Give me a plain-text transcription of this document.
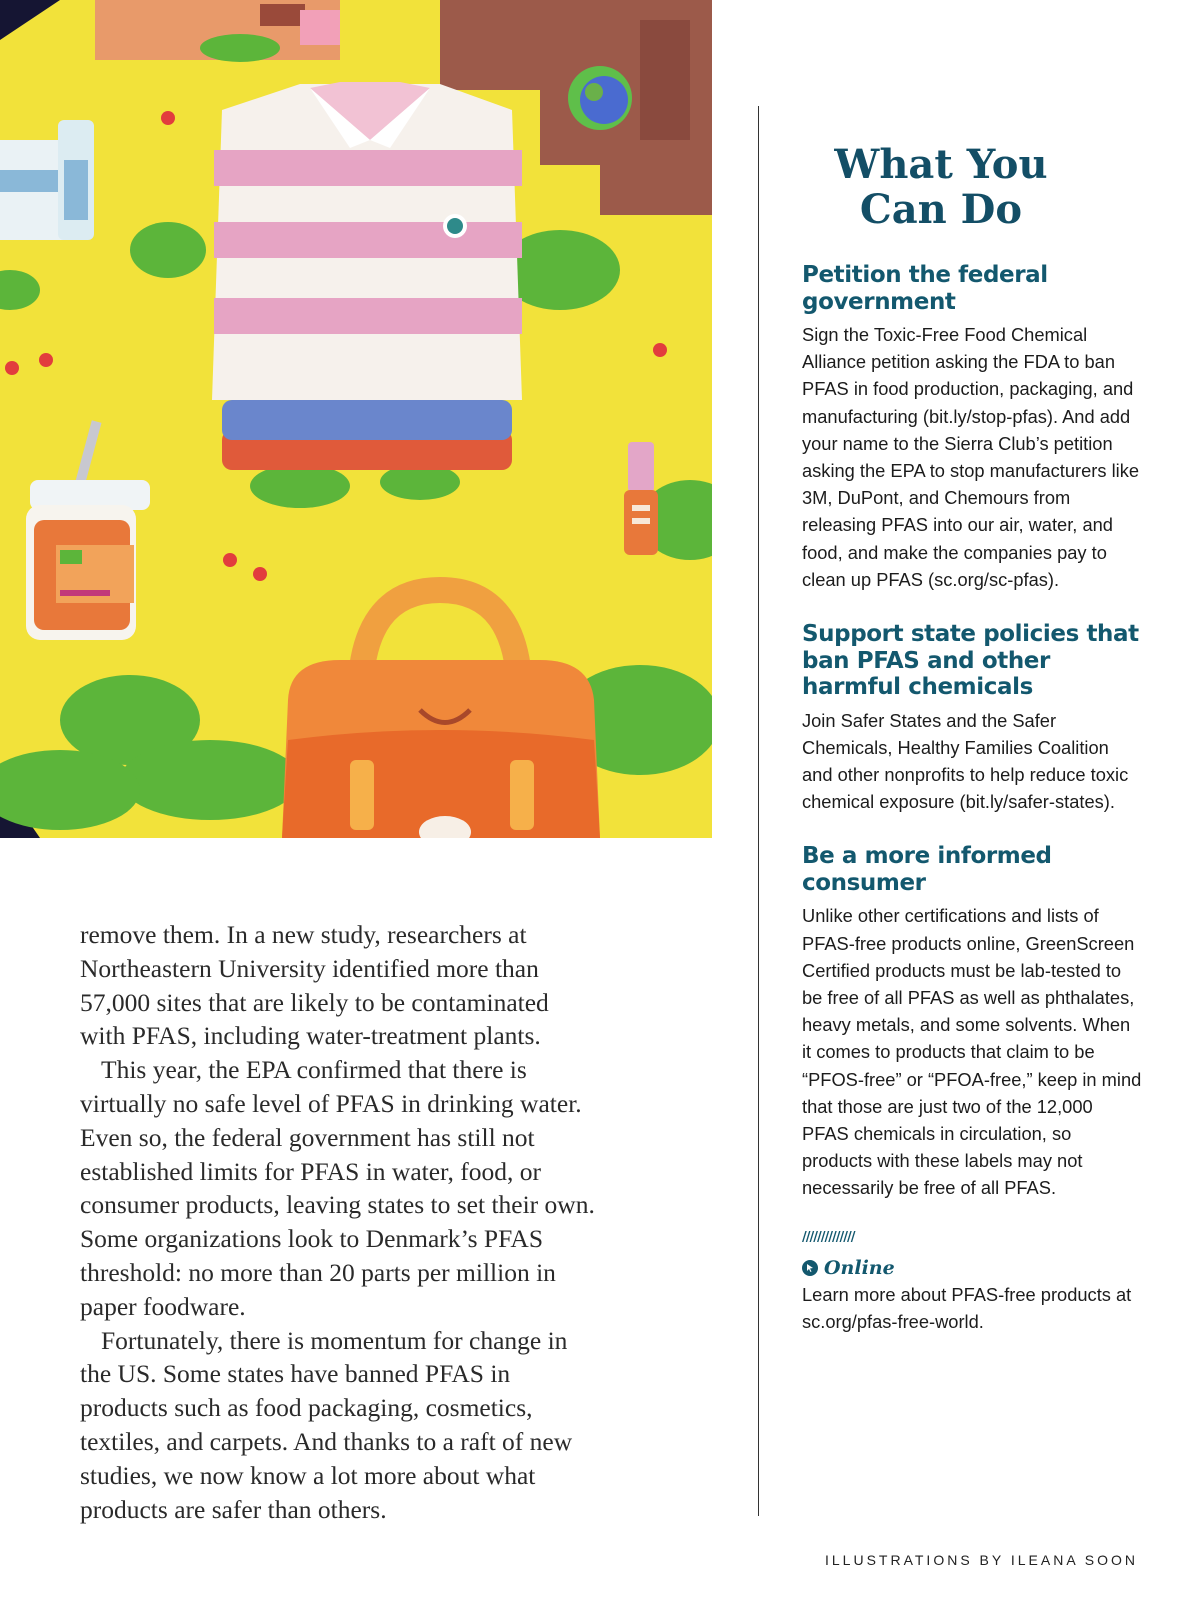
remove them. In a new study, researchers at Northeastern University identified more than 57,000 sites that are likely to be contaminated with PFAS, including water-treatment plants.

This year, the EPA confirmed that there is virtually no safe level of PFAS in drinking water. Even so, the federal government has still not established limits for PFAS in water, food, or consumer products, leaving states to set their own. Some organizations look to Denmark’s PFAS threshold: no more than 20 parts per million in paper foodware.

Fortunately, there is momentum for change in the US. Some states have banned PFAS in products such as food packaging, cosmetics, textiles, and carpets. And thanks to a raft of new studies, we now know a lot more about what products are safer than others.

What You Can Do
Petition the federal government

Sign the Toxic-Free Food Chemical Alliance petition asking the FDA to ban PFAS in food production, packaging, and manufacturing (bit.ly/stop-pfas). And add your name to the Sierra Club’s petition asking the EPA to stop manufacturers like 3M, DuPont, and Chemours from releasing PFAS into our air, water, and food, and make the companies pay to clean up PFAS (sc.org/sc-pfas).

Support state policies that ban PFAS and other harmful chemicals

Join Safer States and the Safer Chemicals, Healthy Families Coalition and other nonprofits to help reduce toxic chemical exposure (bit.ly/safer-states).

Be a more informed consumer

Unlike other certifications and lists of PFAS-free products online, GreenScreen Certified products must be lab-tested to be free of all PFAS as well as phthalates, heavy metals, and some solvents. When it comes to products that claim to be “PFOS-free” or “PFOA-free,” keep in mind that those are just two of the 12,000 PFAS chemicals in circulation, so products with these labels may not necessarily be free of all PFAS.

//////////////
Online

Learn more about PFAS-free products at sc.org/pfas-free-world.

ILLUSTRATIONS BY ILEANA SOON
